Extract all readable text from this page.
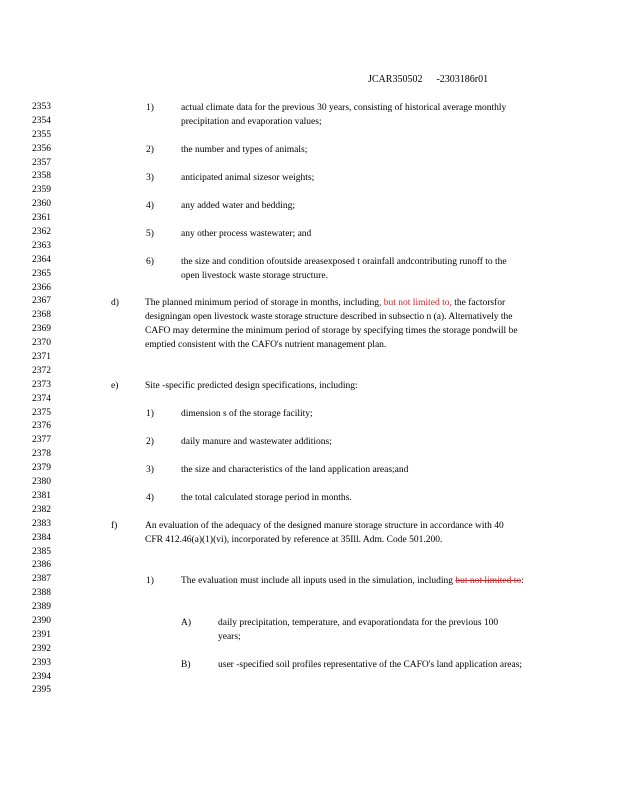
JCAR350502 -2303186r01
2353
2354
2355
2356
2357
2358
2359
2360
2361
2362
2363
2364
2365
2366
2367
2368
2369
2370
2371
2372
2373
2374
2375
2376
2377
2378
2379
2380
2381
2382
2383
2384
2385
2386
2387
2388
2389
2390
2391
2392
2393
2394
2395
1)	actual climate data for the previous 30 years, consisting of historical average monthly precipitation and evaporation values;
2)	the number and types of animals;
3)	anticipated animal sizesor weights;
4)	any added water and bedding;
5)	any other process wastewater; and
6)	the size and condition ofoutside areasexposed t orainfall andcontributing runoff to the open livestock waste storage structure.
d)	The planned minimum period of storage in months, including, but not limited to, the factorsfor designingan open livestock waste storage structure described in subsectio n (a). Alternatively the CAFO may determine the minimum period of storage by specifying times the storage pondwill be emptied consistent with the CAFO's nutrient management plan.
e)	Site -specific predicted design specifications, including:
1)	dimension s of the storage facility;
2)	daily manure and wastewater additions;
3)	the size and characteristics of the land application areas;and
4)	the total calculated storage period in months.
f)	An evaluation of the adequacy of the designed manure storage structure in accordance with 40 CFR 412.46(a)(1)(vi), incorporated by reference at 35Ill. Adm. Code 501.200.
1)	The evaluation must include all inputs used in the simulation, including but not limited to:
A)	daily precipitation, temperature, and evaporationdata for the previous 100 years;
B)	user -specified soil profiles representative of the CAFO's land application areas;
